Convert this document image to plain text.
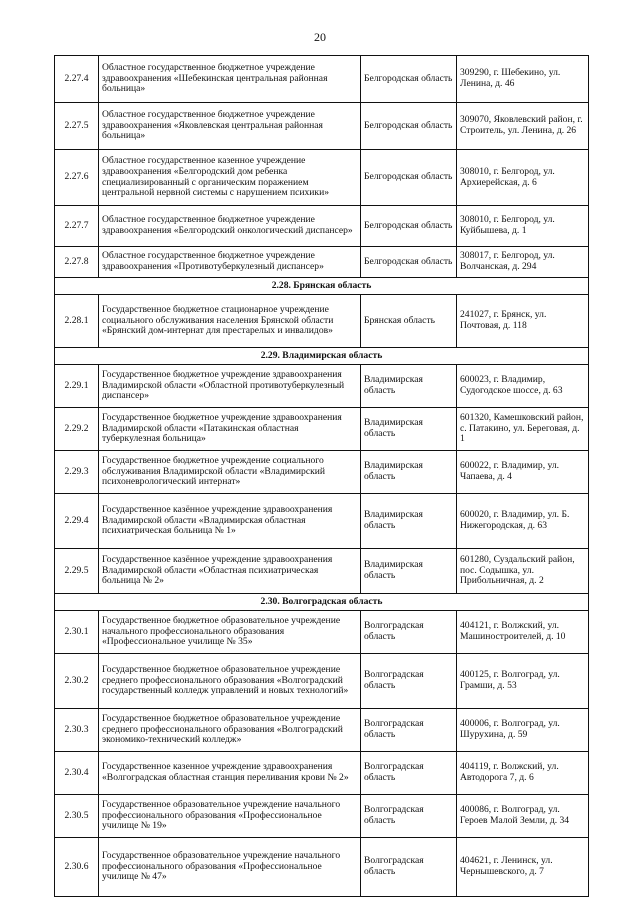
20
2.27.4	Областное государственное бюджетное учреждение здравоохранения «Шебекинская центральная районная больница»	Белгородская область	309290, г. Шебекино, ул. Ленина, д. 46
2.27.5	Областное государственное бюджетное учреждение здравоохранения «Яковлевская центральная районная больница»	Белгородская область	309070, Яковлевский район, г. Строитель, ул. Ленина, д. 26
2.27.6	Областное государственное казенное учреждение здравоохранения «Белгородский дом ребенка специализированный с органическим поражением центральной нервной системы с нарушением психики»	Белгородская область	308010, г. Белгород, ул. Архиерейская, д. 6
2.27.7	Областное государственное бюджетное учреждение здравоохранения «Белгородский онкологический диспансер»	Белгородская область	308010, г. Белгород, ул. Куйбышева, д. 1
2.27.8	Областное государственное бюджетное учреждение здравоохранения «Противотуберкулезный диспансер»	Белгородская область	308017, г. Белгород, ул. Волчанская, д. 294
2.28. Брянская область			
2.28.1	Государственное бюджетное стационарное учреждение социального обслуживания населения Брянской области «Брянский дом-интернат для престарелых и инвалидов»	Брянская область	241027, г. Брянск, ул. Почтовая, д. 118
2.29. Владимирская область			
2.29.1	Государственное бюджетное учреждение здравоохранения Владимирской области «Областной противотуберкулезный диспансер»	Владимирская область	600023, г. Владимир, Судогодское шоссе, д. 63
2.29.2	Государственное бюджетное учреждение здравоохранения Владимирской области «Патакинская областная туберкулезная больница»	Владимирская область	601320, Камешковский район, с. Патакино, ул. Береговая, д. 1
2.29.3	Государственное бюджетное учреждение социального обслуживания Владимирской области «Владимирский психоневрологический интернат»	Владимирская область	600022, г. Владимир, ул. Чапаева, д. 4
2.29.4	Государственное казённое учреждение здравоохранения Владимирской области «Владимирская областная психиатрическая больница № 1»	Владимирская область	600020, г. Владимир, ул. Б. Нижегородская, д. 63
2.29.5	Государственное казённое учреждение здравоохранения Владимирской области «Областная психиатрическая больница № 2»	Владимирская область	601280, Суздальский район, пос. Содышка, ул. Прибольничная, д. 2
2.30. Волгоградская область			
2.30.1	Государственное бюджетное образовательное учреждение начального профессионального образования «Профессиональное училище № 35»	Волгоградская область	404121, г. Волжский, ул. Машиностроителей, д. 10
2.30.2	Государственное бюджетное образовательное учреждение среднего профессионального образования «Волгоградский государственный колледж управлений и новых технологий»	Волгоградская область	400125, г. Волгоград, ул. Грамши, д. 53
2.30.3	Государственное бюджетное образовательное учреждение среднего профессионального образования «Волгоградский экономико-технический колледж»	Волгоградская область	400006, г. Волгоград, ул. Шурухина, д. 59
2.30.4	Государственное казенное учреждение здравоохранения «Волгоградская областная станция переливания крови № 2»	Волгоградская область	404119, г. Волжский, ул. Автодорога 7, д. 6
2.30.5	Государственное образовательное учреждение начального профессионального образования «Профессиональное училище № 19»	Волгоградская область	400086, г. Волгоград, ул. Героев Малой Земли, д. 34
2.30.6	Государственное образовательное учреждение начального профессионального образования «Профессиональное училище № 47»	Волгоградская область	404621, г. Ленинск, ул. Чернышевского, д. 7
